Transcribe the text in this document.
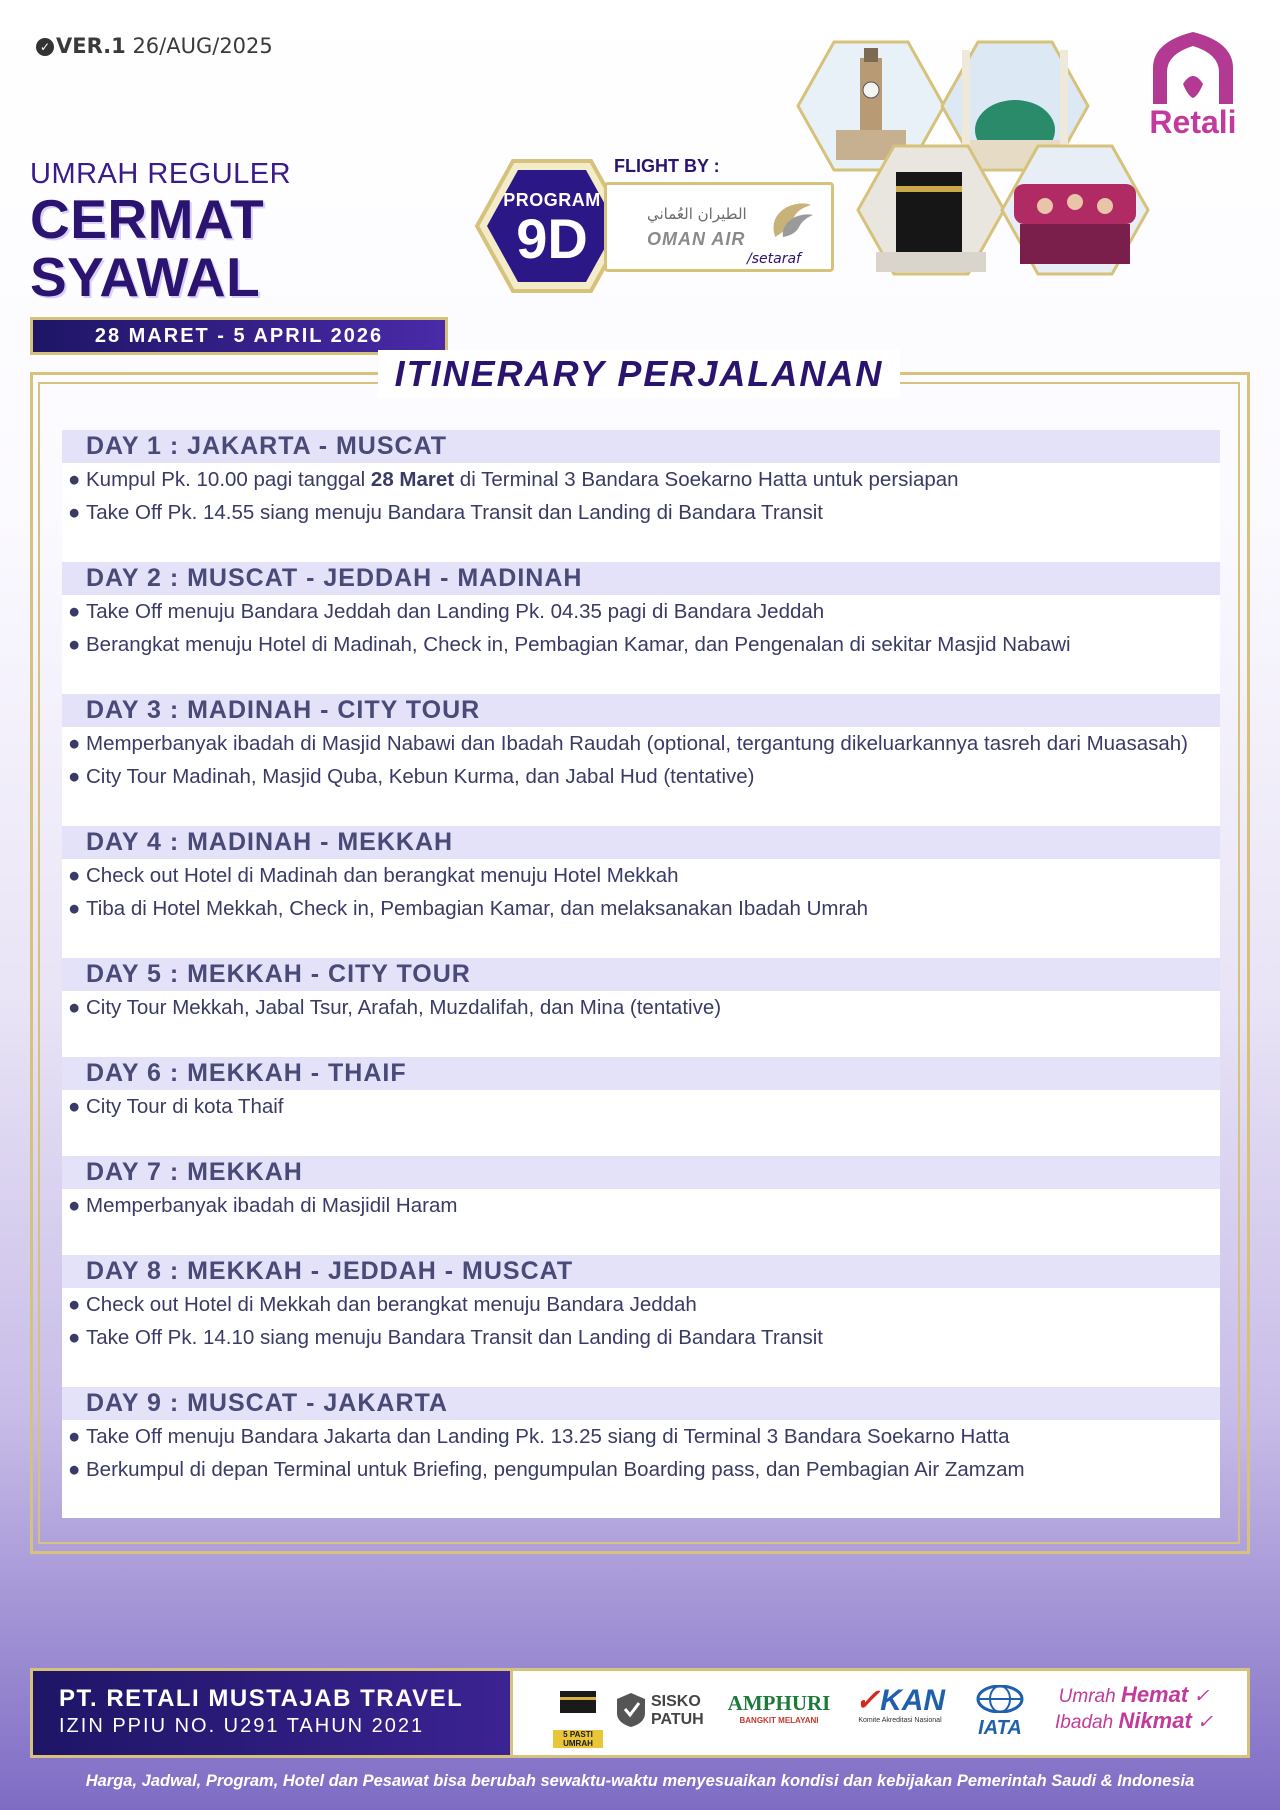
✓ VER.1 26/AUG/2025
UMRAH REGULER
CERMAT SYAWAL
28 MARET - 5 APRIL 2026
PROGRAM
9D
FLIGHT BY :
الطيران العُماني
OMAN AIR
/setaraf
Retali
ITINERARY PERJALANAN
DAY 1 : JAKARTA - MUSCAT
● Kumpul Pk. 10.00 pagi tanggal 28 Maret di Terminal 3 Bandara Soekarno Hatta untuk persiapan
● Take Off Pk. 14.55 siang menuju Bandara Transit dan Landing di Bandara Transit
DAY 2 : MUSCAT - JEDDAH - MADINAH
● Take Off menuju Bandara Jeddah dan Landing Pk. 04.35 pagi di Bandara Jeddah
● Berangkat menuju Hotel di Madinah, Check in, Pembagian Kamar, dan Pengenalan di sekitar Masjid Nabawi
DAY 3 : MADINAH - CITY TOUR
● Memperbanyak ibadah di Masjid Nabawi dan Ibadah Raudah (optional, tergantung dikeluarkannya tasreh dari Muasasah)
● City Tour Madinah, Masjid Quba, Kebun Kurma, dan Jabal Hud (tentative)
DAY 4 : MADINAH - MEKKAH
● Check out Hotel di Madinah dan berangkat menuju Hotel Mekkah
● Tiba di Hotel Mekkah, Check in, Pembagian Kamar, dan melaksanakan Ibadah Umrah
DAY 5 : MEKKAH - CITY TOUR
● City Tour Mekkah, Jabal Tsur, Arafah, Muzdalifah, dan Mina (tentative)
DAY 6 : MEKKAH - THAIF
● City Tour di kota Thaif
DAY 7 : MEKKAH
● Memperbanyak ibadah di Masjidil Haram
DAY 8 : MEKKAH - JEDDAH - MUSCAT
● Check out Hotel di Mekkah dan berangkat menuju Bandara Jeddah
● Take Off Pk. 14.10 siang menuju Bandara Transit dan Landing di Bandara Transit
DAY 9 : MUSCAT - JAKARTA
● Take Off menuju Bandara Jakarta dan Landing Pk. 13.25 siang di Terminal 3 Bandara Soekarno Hatta
● Berkumpul di depan Terminal untuk Briefing, pengumpulan Boarding pass, dan Pembagian Air Zamzam
PT. RETALI MUSTAJAB TRAVEL
IZIN PPIU NO. U291 TAHUN 2021	5 PASTI UMRAH
SISKO
PATUH
AMPHURI
BANGKIT MELAYANI
✓KAN
Komite Akreditasi Nasional	IATA
Umrah Hemat ✓
Ibadah Nikmat ✓
Harga, Jadwal, Program, Hotel dan Pesawat bisa berubah sewaktu-waktu menyesuaikan kondisi dan kebijakan Pemerintah Saudi & Indonesia
